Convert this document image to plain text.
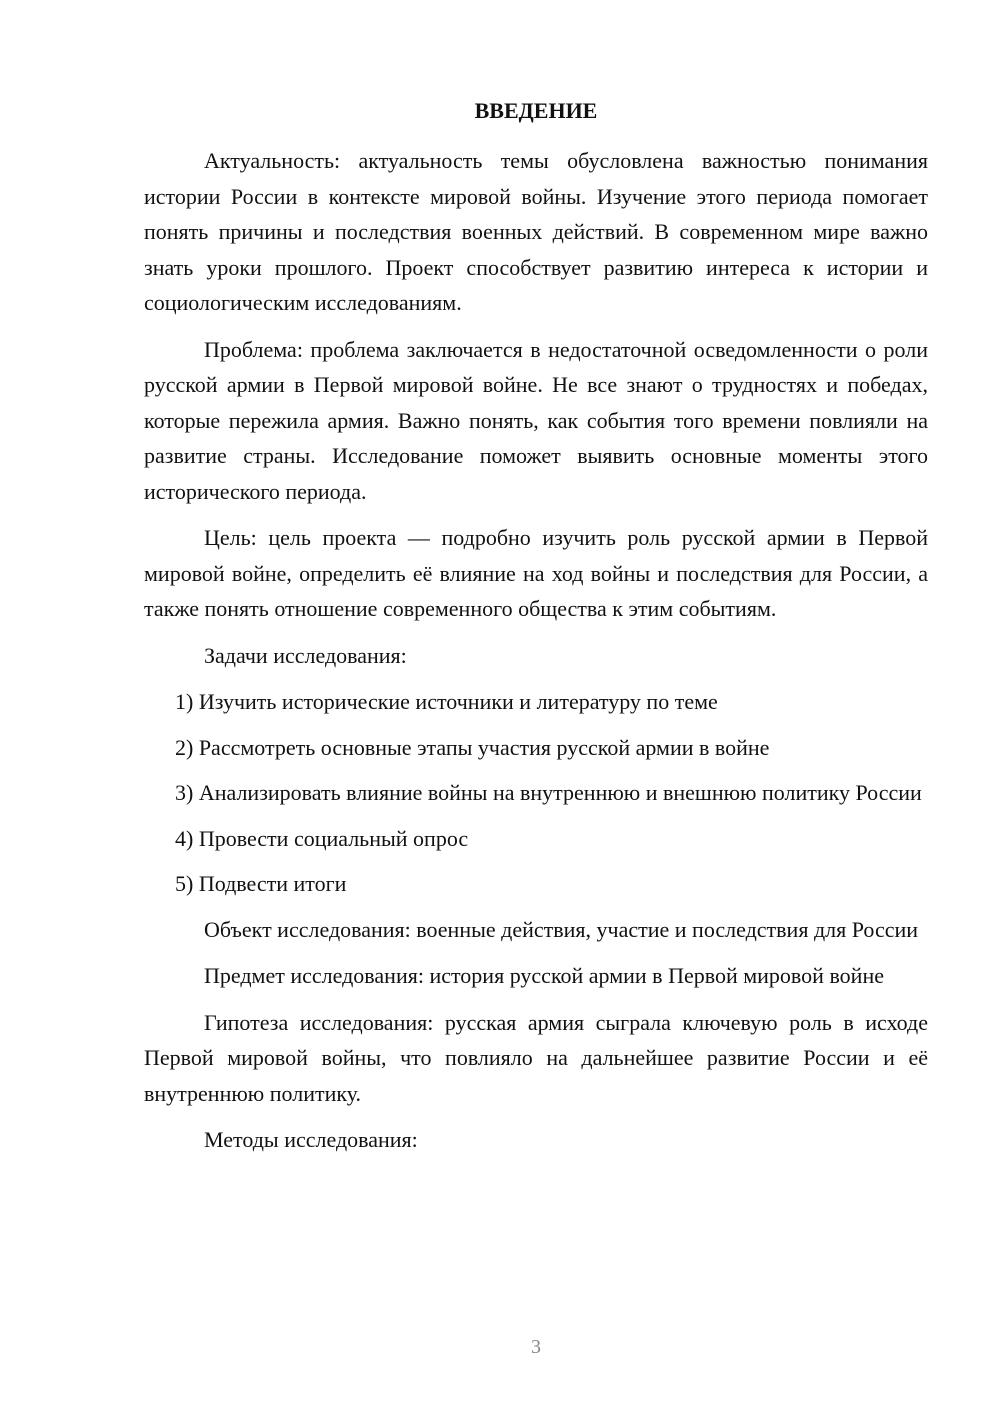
ВВЕДЕНИЕ

Актуальность: актуальность темы обусловлена важностью понимания истории России в контексте мировой войны. Изучение этого периода помогает понять причины и последствия военных действий. В современном мире важно знать уроки прошлого. Проект способствует развитию интереса к истории и социологическим исследованиям.

Проблема: проблема заключается в недостаточной осведомленности о роли русской армии в Первой мировой войне. Не все знают о трудностях и победах, которые пережила армия. Важно понять, как события того времени повлияли на развитие страны. Исследование поможет выявить основные моменты этого исторического периода.

Цель: цель проекта — подробно изучить роль русской армии в Первой мировой войне, определить её влияние на ход войны и последствия для России, а также понять отношение современного общества к этим событиям.

Задачи исследования:

1) Изучить исторические источники и литературу по теме

2) Рассмотреть основные этапы участия русской армии в войне

3) Анализировать влияние войны на внутреннюю и внешнюю политику России

4) Провести социальный опрос

5) Подвести итоги

Объект исследования: военные действия, участие и последствия для России

Предмет исследования: история русской армии в Первой мировой войне

Гипотеза исследования: русская армия сыграла ключевую роль в исходе Первой мировой войны, что повлияло на дальнейшее развитие России и её внутреннюю политику.

Методы исследования:

3
